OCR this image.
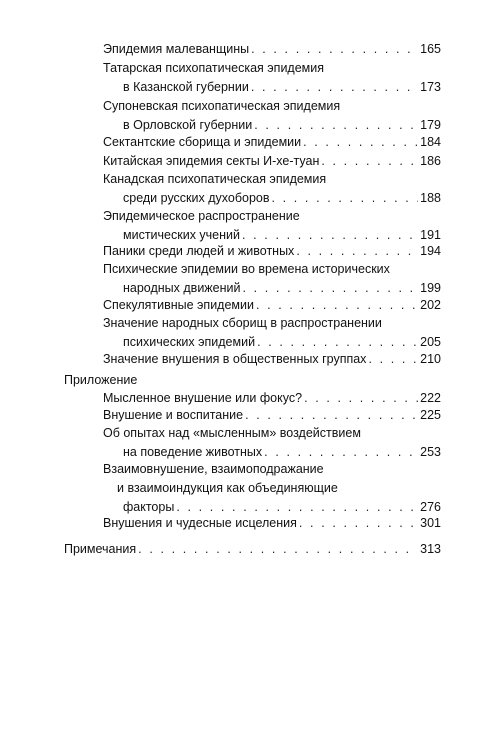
Эпидемия малеванщины . . .	165
Татарская психопатическая эпидемия
в Казанской губернии . . .	173
Супоневская психопатическая эпидемия
в Орловской губернии . . .	179
Сектантские сборища и эпидемии . . .	184
Китайская эпидемия секты И-хе-туан . . .	186
Канадская психопатическая эпидемия
среди русских духоборов . . .	188
Эпидемическое распространение
мистических учений . . .	191
Паники среди людей и животных . . .	194
Психические эпидемии во времена исторических
народных движений . . .	199
Спекулятивные эпидемии . . .	202
Значение народных сборищ в распространении
психических эпидемий . . .	205
Значение внушения в общественных группах . . .	210
Приложение
Мысленное внушение или фокус? . . .	222
Внушение и воспитание . . .	225
Об опытах над «мысленным» воздействием
на поведение животных . . .	253
Взаимовнушение, взаимоподражание
и взаимоиндукция как объединяющие
факторы . . .	276
Внушения и чудесные исцеления . . .	301
Примечания . . .	313
